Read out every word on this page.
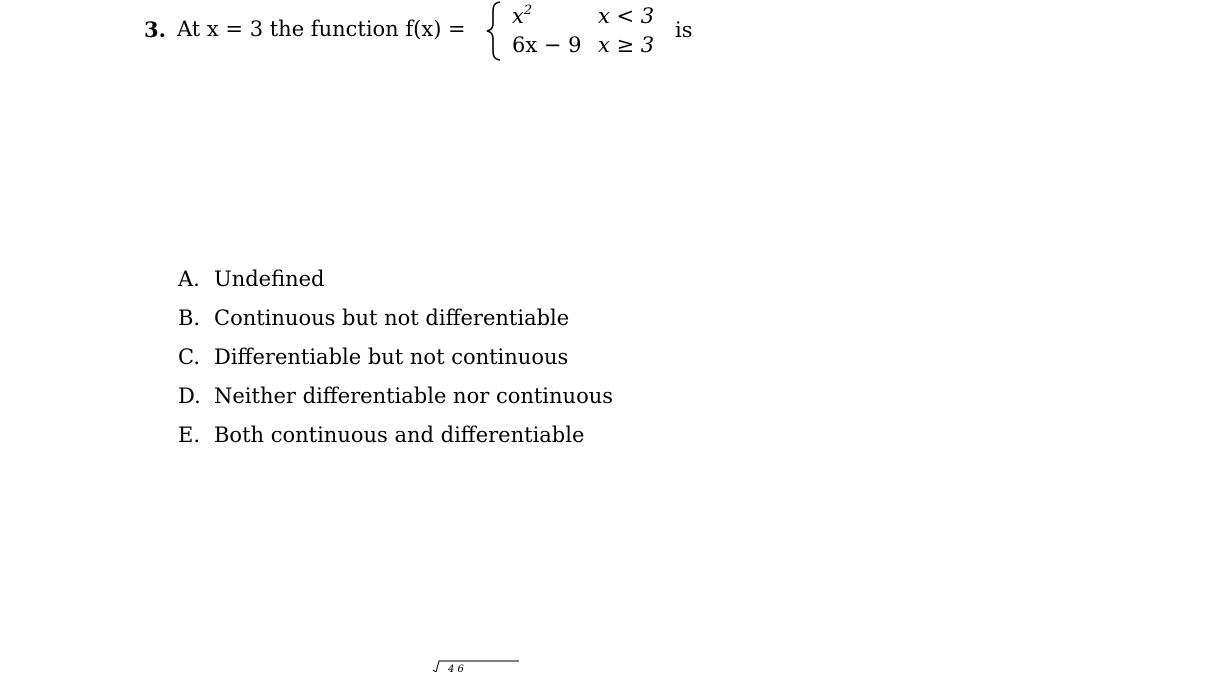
3. At x = 3 the function f(x) =
$x^2$	x < 3
6x − 9 x ≥ 3
is
A. Undefined
B. Continuous but not differentiable
C. Differentiable but not continuous
D. Neither differentiable nor continuous
E. Both continuous and differentiable
4 6
